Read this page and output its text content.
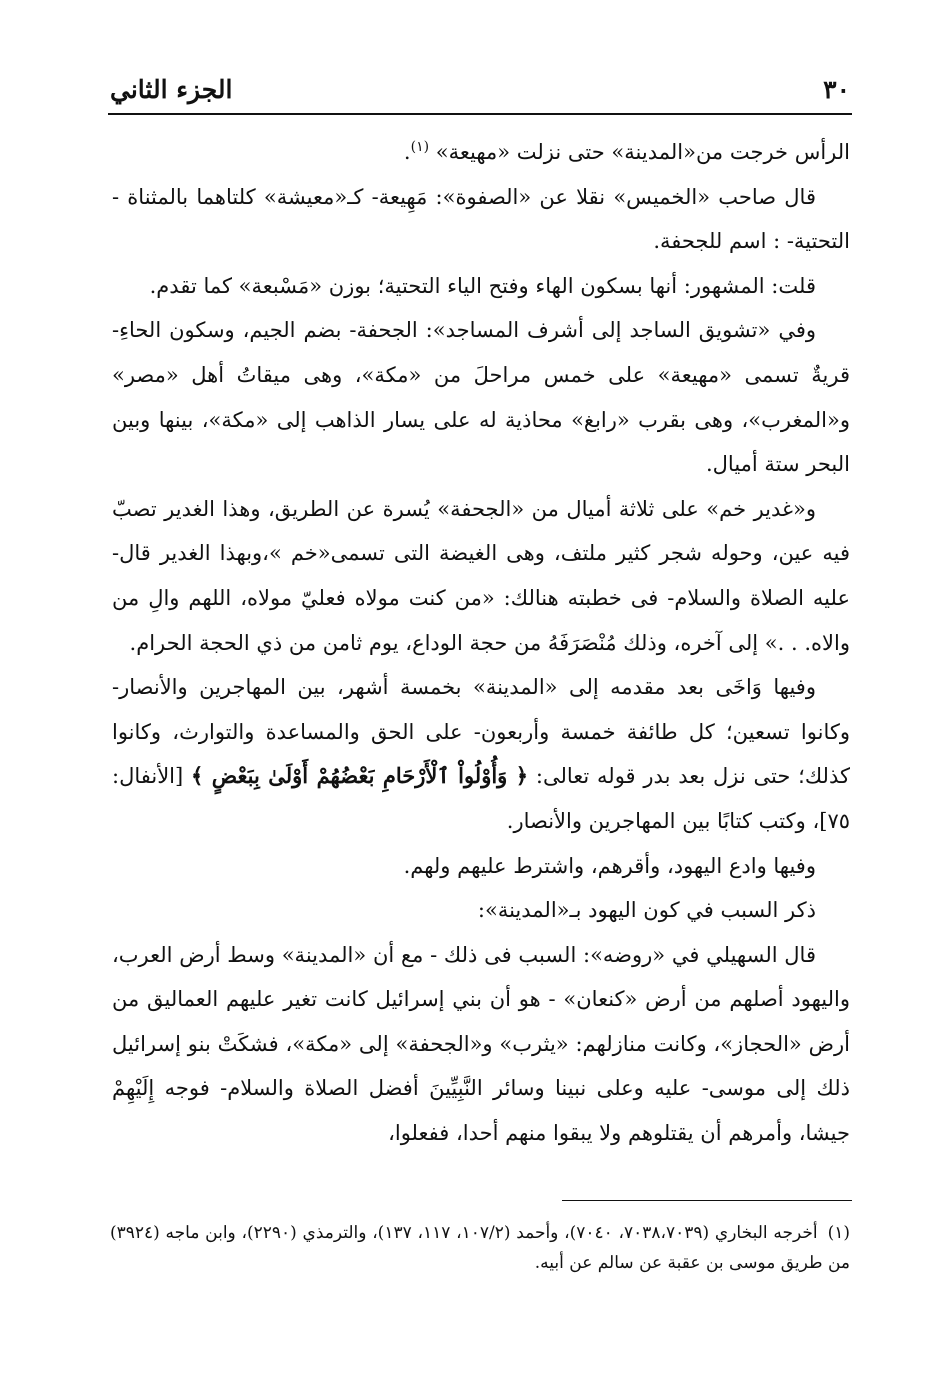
٣٠
الجزء الثاني

الرأس خرجت من«المدينة» حتى نزلت «مهيعة» $^{(١)}$.

قال صاحب «الخميس» نقلا عن «الصفوة»: مَهِيعة- كـ«معيشة» كلتاهما بالمثناة - التحتية- : اسم للجحفة.

قلت: المشهور: أنها بسكون الهاء وفتح الياء التحتية؛ بوزن «مَسْبعة» كما تقدم.

وفي «تشويق الساجد إلى أشرف المساجد»: الجحفة- بضم الجيم، وسكون الحاءِ- قريةٌ تسمى «مهيعة» على خمس مراحلَ من «مكة»، وهى ميقاتُ أهل «مصر» و«المغرب»، وهى بقرب «رابغ» محاذية له على يسار الذاهب إلى «مكة»، بينها وبين البحر ستة أميال.

و«غدير خم» على ثلاثة أميال من «الجحفة» يُسرة عن الطريق، وهذا الغدير تصبّ فيه عين، وحوله شجر كثير ملتف، وهى الغيضة التى تسمى«خم »،وبهذا الغدير قال- عليه الصلاة والسلام- فى خطبته هنالك: «من كنت مولاه فعليّ مولاه، اللهم والِ من والاه. . .» إلى آخره، وذلك مُنْصَرَفَهُ من حجة الوداع، يوم ثامن من ذي الحجة الحرام.

وفيها وَاخَى بعد مقدمه إلى «المدينة» بخمسة أشهر، بين المهاجرين والأنصار- وكانوا تسعين؛ كل طائفة خمسة وأربعون- على الحق والمساعدة والتوارث، وكانوا كذلك؛ حتى نزل بعد بدر قوله تعالى: ﴿ وَأُوْلُواْ ٱلْأَرْحَامِ بَعْضُهُمْ أَوْلَىٰ بِبَعْضٍ ﴾ [الأنفال: ٧٥]، وكتب كتابًا بين المهاجرين والأنصار.

وفيها وادع اليهود، وأقرهم، واشترط عليهم ولهم.

ذكر السبب في كون اليهود بـ«المدينة»:

قال السهيلي في «روضه»: السبب فى ذلك - مع أن «المدينة» وسط أرض العرب، واليهود أصلهم من أرض «كنعان» - هو أن بني إسرائيل كانت تغير عليهم العماليق من أرض «الحجاز»، وكانت منازلهم: «يثرب» و«الجحفة» إلى «مكة»، فشكَتْ بنو إسرائيل ذلك إلى موسى- عليه وعلى نبينا وسائر النَّبِيِّينَ أفضل الصلاة والسلام- فوجه إِلَيْهِمْ جيشا، وأمرهم أن يقتلوهم ولا يبقوا منهم أحدا، ففعلوا،

(١)أخرجه البخاري (٧٠٣٨،٧٠٣٩، ٧٠٤٠)، وأحمد (١٠٧/٢، ١١٧، ١٣٧)، والترمذي (٢٢٩٠)، وابن ماجه (٣٩٢٤) من طريق موسى بن عقبة عن سالم عن أبيه.
